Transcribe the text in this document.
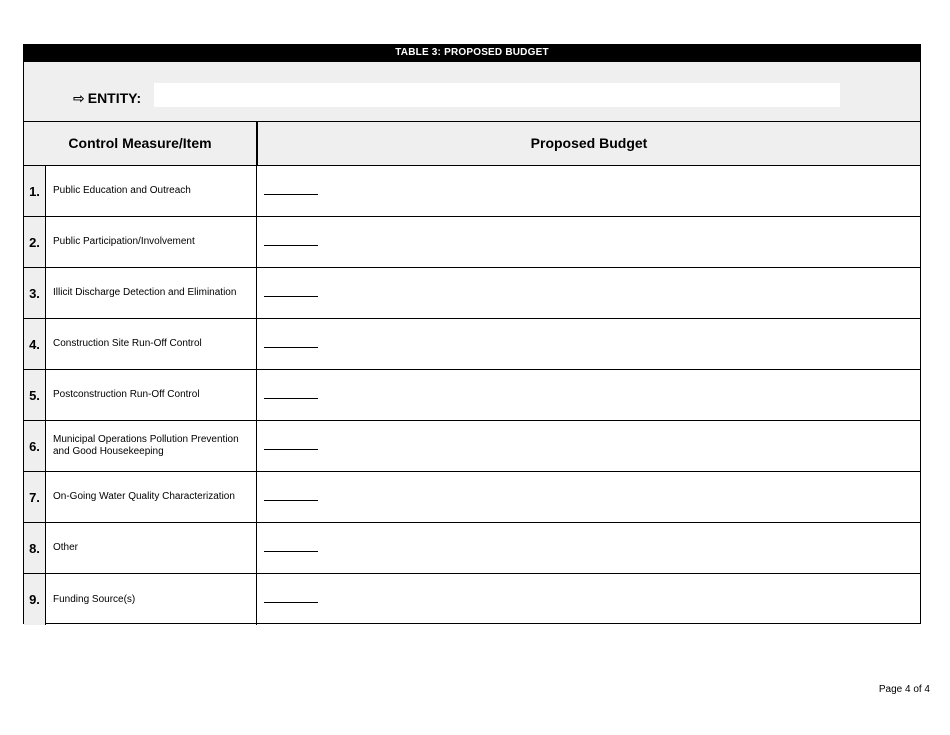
TABLE 3: PROPOSED BUDGET
⇨ ENTITY:
Control Measure/Item	Proposed Budget
1.	Public Education and Outreach
2.	Public Participation/Involvement
3.	Illicit Discharge Detection and Elimination
4.	Construction Site Run-Off Control
5.	Postconstruction Run-Off Control
6.	Municipal Operations Pollution Prevention and Good Housekeeping
7.	On-Going Water Quality Characterization
8.	Other
9.	Funding Source(s)
Page 4 of 4
